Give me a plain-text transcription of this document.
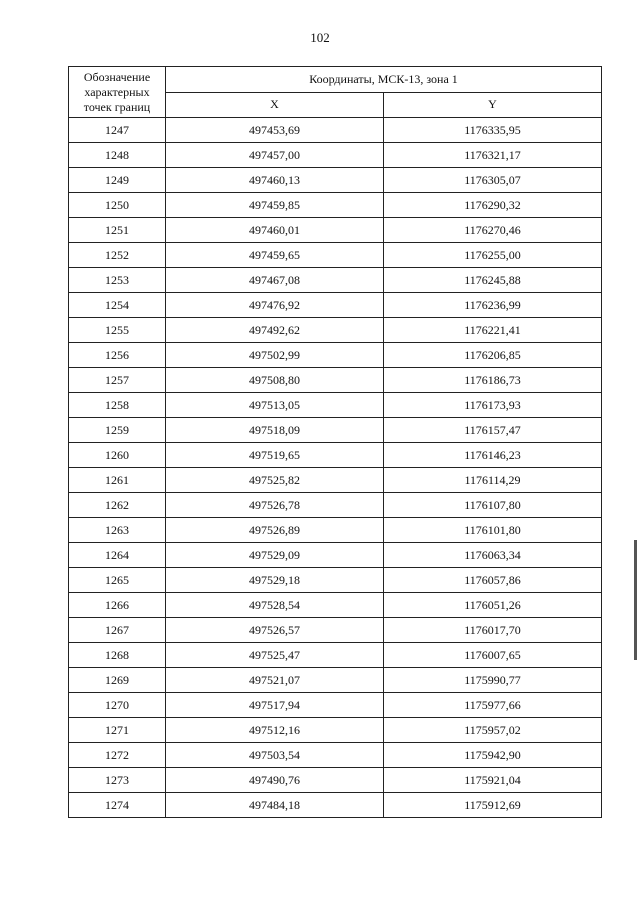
102
Обозначение характерных точек границ	Координаты, МСК-13, зона 1	
	X	Y
1247	497453,69	1176335,95
1248	497457,00	1176321,17
1249	497460,13	1176305,07
1250	497459,85	1176290,32
1251	497460,01	1176270,46
1252	497459,65	1176255,00
1253	497467,08	1176245,88
1254	497476,92	1176236,99
1255	497492,62	1176221,41
1256	497502,99	1176206,85
1257	497508,80	1176186,73
1258	497513,05	1176173,93
1259	497518,09	1176157,47
1260	497519,65	1176146,23
1261	497525,82	1176114,29
1262	497526,78	1176107,80
1263	497526,89	1176101,80
1264	497529,09	1176063,34
1265	497529,18	1176057,86
1266	497528,54	1176051,26
1267	497526,57	1176017,70
1268	497525,47	1176007,65
1269	497521,07	1175990,77
1270	497517,94	1175977,66
1271	497512,16	1175957,02
1272	497503,54	1175942,90
1273	497490,76	1175921,04
1274	497484,18	1175912,69
